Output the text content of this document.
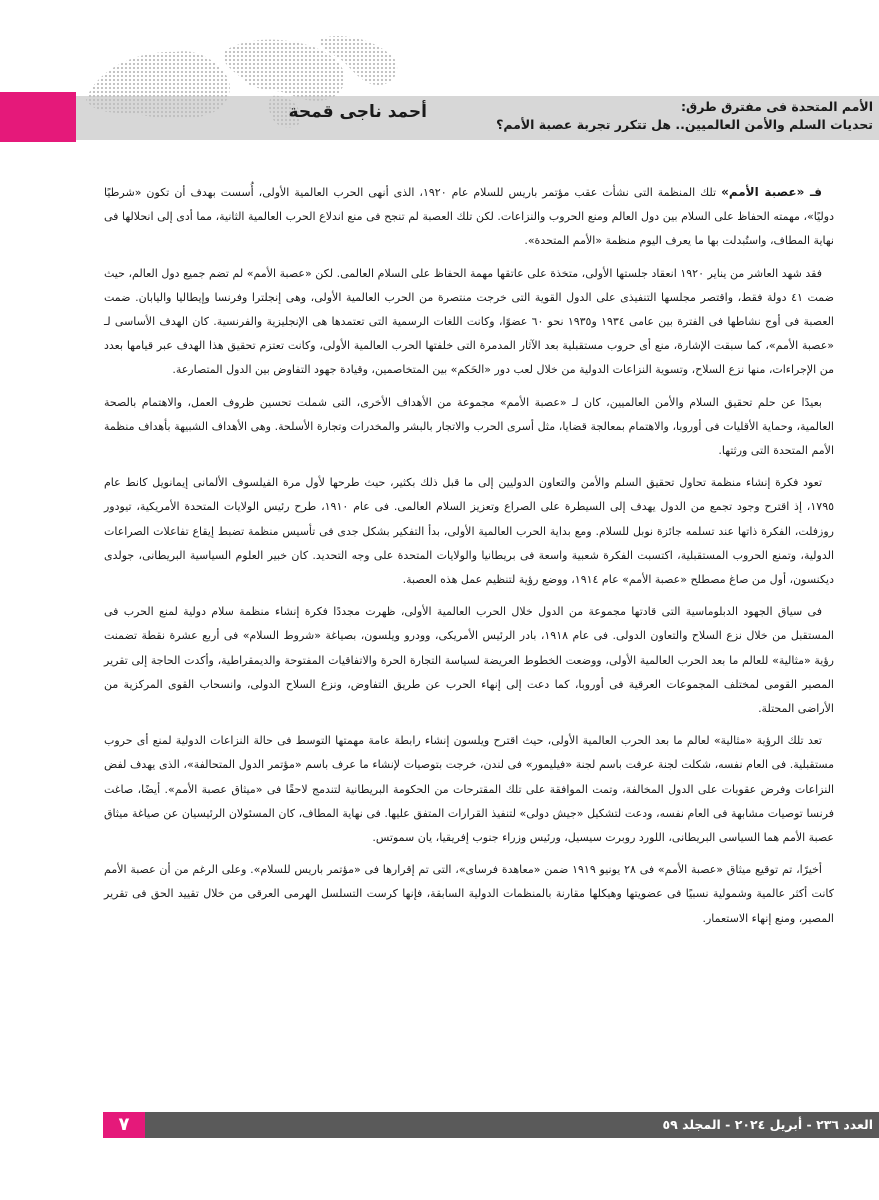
أحمد ناجى قمحة	الأمم المتحدة فى مفترق طرق:
تحديات السلم والأمن العالميين.. هل تتكرر تجربة عصبة الأمم؟

فـ «عصبة الأمم» تلك المنظمة التى نشأت عقب مؤتمر باريس للسلام عام ١٩٢٠، الذى أنهى الحرب العالمية الأولى، أُسست بهدف أن تكون «شرطيًا دوليًا»، مهمته الحفاظ على السلام بين دول العالم ومنع الحروب والنزاعات. لكن تلك العصبة لم تنجح فى منع اندلاع الحرب العالمية الثانية، مما أدى إلى انحلالها فى نهاية المطاف، واستُبدلت بها ما يعرف اليوم منظمة «الأمم المتحدة».

فقد شهد العاشر من يناير ١٩٢٠ انعقاد جلستها الأولى، متخذة على عاتقها مهمة الحفاظ على السلام العالمى. لكن «عصبة الأمم» لم تضم جميع دول العالم، حيث ضمت ٤١ دولة فقط، واقتصر مجلسها التنفيذى على الدول القوية التى خرجت منتصرة من الحرب العالمية الأولى، وهى إنجلترا وفرنسا وإيطاليا واليابان. ضمت العصبة فى أوج نشاطها فى الفترة بين عامى ١٩٣٤ و١٩٣٥ نحو ٦٠ عضوًا، وكانت اللغات الرسمية التى تعتمدها هى الإنجليزية والفرنسية. كان الهدف الأساسى لـ «عصبة الأمم»، كما سبقت الإشارة، منع أى حروب مستقبلية بعد الآثار المدمرة التى خلفتها الحرب العالمية الأولى، وكانت تعتزم تحقيق هذا الهدف عبر قيامها بعدد من الإجراءات، منها نزع السلاح، وتسوية النزاعات الدولية من خلال لعب دور «الحَكم» بين المتخاصمين، وقيادة جهود التفاوض بين الدول المتصارعة.

بعيدًا عن حلم تحقيق السلام والأمن العالميين، كان لـ «عصبة الأمم» مجموعة من الأهداف الأخرى، التى شملت تحسين ظروف العمل، والاهتمام بالصحة العالمية، وحماية الأقليات فى أوروبا، والاهتمام بمعالجة قضايا، مثل أسرى الحرب والاتجار بالبشر والمخدرات وتجارة الأسلحة. وهى الأهداف الشبيهة بأهداف منظمة الأمم المتحدة التى ورثتها.

تعود فكرة إنشاء منظمة تحاول تحقيق السلم والأمن والتعاون الدوليين إلى ما قبل ذلك بكثير، حيث طرحها لأول مرة الفيلسوف الألمانى إيمانويل كانط عام ١٧٩٥، إذ اقترح وجود تجمع من الدول يهدف إلى السيطرة على الصراع وتعزيز السلام العالمى. فى عام ١٩١٠، طرح رئيس الولايات المتحدة الأمريكية، تيودور روزفلت، الفكرة ذاتها عند تسلمه جائزة نوبل للسلام. ومع بداية الحرب العالمية الأولى، بدأ التفكير بشكل جدى فى تأسيس منظمة تضبط إيقاع تفاعلات الصراعات الدولية، وتمنع الحروب المستقبلية، اكتسبت الفكرة شعبية واسعة فى بريطانيا والولايات المتحدة على وجه التحديد. كان خبير العلوم السياسية البريطانى، جولدى ديكنسون، أول من صاغ مصطلح «عصبة الأمم» عام ١٩١٤، ووضع رؤية لتنظيم عمل هذه العصبة.

فى سياق الجهود الدبلوماسية التى قادتها مجموعة من الدول خلال الحرب العالمية الأولى، ظهرت مجددًا فكرة إنشاء منظمة سلام دولية لمنع الحرب فى المستقبل من خلال نزع السلاح والتعاون الدولى. فى عام ١٩١٨، بادر الرئيس الأمريكى، وودرو ويلسون، بصياغة «شروط السلام» فى أربع عشرة نقطة تضمنت رؤية «مثالية» للعالم ما بعد الحرب العالمية الأولى، ووضعت الخطوط العريضة لسياسة التجارة الحرة والاتفاقيات المفتوحة والديمقراطية، وأكدت الحاجة إلى تقرير المصير القومى لمختلف المجموعات العرقية فى أوروبا، كما دعت إلى إنهاء الحرب عن طريق التفاوض، ونزع السلاح الدولى، وانسحاب القوى المركزية من الأراضى المحتلة.

تعد تلك الرؤية «مثالية» لعالم ما بعد الحرب العالمية الأولى، حيث اقترح ويلسون إنشاء رابطة عامة مهمتها التوسط فى حالة النزاعات الدولية لمنع أى حروب مستقبلية. فى العام نفسه، شكلت لجنة عرفت باسم لجنة «فيليمور» فى لندن، خرجت بتوصيات لإنشاء ما عرف باسم «مؤتمر الدول المتحالفة»، الذى يهدف لفض النزاعات وفرض عقوبات على الدول المخالفة، وتمت الموافقة على تلك المقترحات من الحكومة البريطانية لتندمج لاحقًا فى «ميثاق عصبة الأمم». أيضًا، صاغت فرنسا توصيات مشابهة فى العام نفسه، ودعت لتشكيل «جيش دولى» لتنفيذ القرارات المتفق عليها. فى نهاية المطاف، كان المسئولان الرئيسيان عن صياغة ميثاق عصبة الأمم هما السياسى البريطانى، اللورد روبرت سيسيل، ورئيس وزراء جنوب إفريقيا، يان سموتس.

أخيرًا، تم توقيع ميثاق «عصبة الأمم» فى ٢٨ يونيو ١٩١٩ ضمن «معاهدة فرساى»، التى تم إقرارها فى «مؤتمر باريس للسلام». وعلى الرغم من أن عصبة الأمم كانت أكثر عالمية وشمولية نسبيًا فى عضويتها وهيكلها مقارنة بالمنظمات الدولية السابقة، فإنها كرست التسلسل الهرمى العرقى من خلال تقييد الحق فى تقرير المصير، ومنع إنهاء الاستعمار.

٧	العدد ٢٣٦ - أبريل ٢٠٢٤ - المجلد ٥٩
